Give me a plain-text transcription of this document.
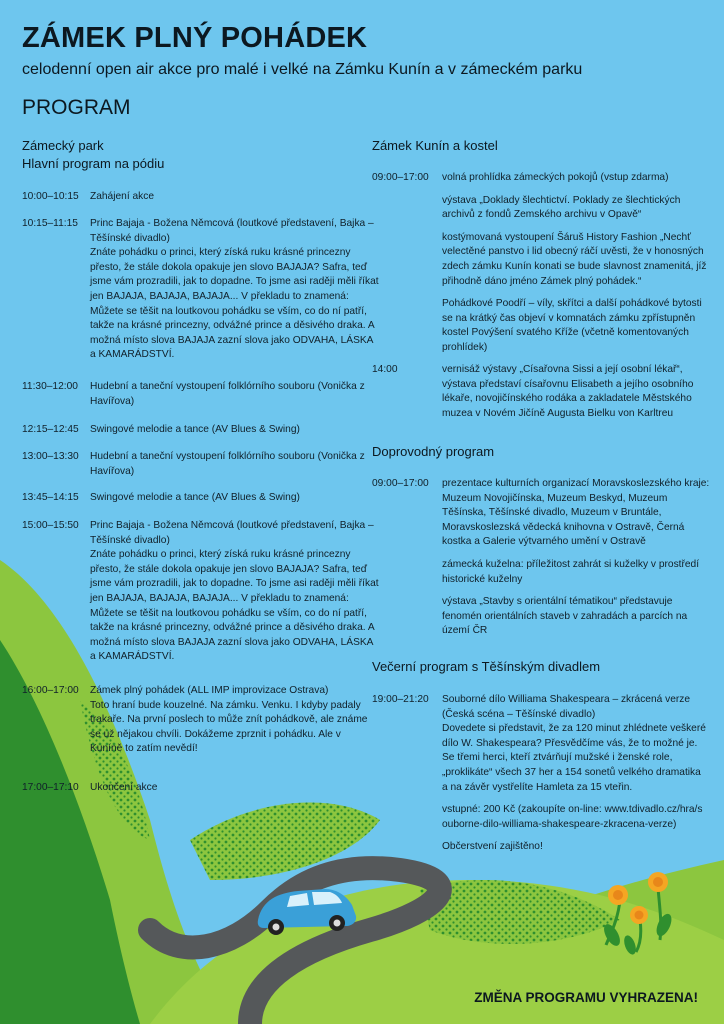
ZÁMEK PLNÝ POHÁDEK
celodenní open air akce pro malé i velké na Zámku Kunín a v zámeckém parku
PROGRAM
Zámecký park
Hlavní program na pódiu
10:00–10:15 Zahájení akce
10:15–11:15 Princ Bajaja - Božena Němcová (loutkové představení, Bajka – Těšínské divadlo)
Znáte pohádku o princi, který získá ruku krásné princezny přesto, že stále dokola opakuje jen slovo BAJAJA? Safra, teď jsme vám prozradili, jak to dopadne. To jsme asi raději měli říkat jen BAJAJA, BAJAJA, BAJAJA... V překladu to znamená: Můžete se těšit na loutkovou pohádku se vším, co do ní patří, takže na krásné princezny, odvážné prince a děsivého draka. A možná místo slova BAJAJA zazní slova jako ODVAHA, LÁSKA a KAMARÁDSTVÍ.
11:30–12:00 Hudební a taneční vystoupení folklórního souboru (Vonička z Havířova)
12:15–12:45 Swingové melodie a tance (AV Blues & Swing)
13:00–13:30 Hudební a taneční vystoupení folklórního souboru (Vonička z Havířova)
13:45–14:15 Swingové melodie a tance (AV Blues & Swing)
15:00–15:50 Princ Bajaja - Božena Němcová (loutkové představení, Bajka – Těšínské divadlo)
Znáte pohádku o princi, který získá ruku krásné princezny přesto, že stále dokola opakuje jen slovo BAJAJA? Safra, teď jsme vám prozradili, jak to dopadne. To jsme asi raději měli říkat jen BAJAJA, BAJAJA, BAJAJA... V překladu to znamená: Můžete se těšit na loutkovou pohádku se vším, co do ní patří, takže na krásné princezny, odvážné prince a děsivého draka. A možná místo slova BAJAJA zazní slova jako ODVAHA, LÁSKA a KAMARÁDSTVÍ.
16:00–17:00 Zámek plný pohádek (ALL IMP improvizace Ostrava)
Toto hraní bude kouzelné. Na zámku. Venku. I kdyby padaly trakaře. Na první poslech to může znít pohádkově, ale známe se už nějakou chvíli. Dokážeme zprznit i pohádku. Ale v Kuníně to zatím nevědí!
17:00–17:10 Ukončení akce
Zámek Kunín a kostel
09:00–17:00 volná prohlídka zámeckých pokojů (vstup zdarma)

výstava „Doklady šlechtictví. Poklady ze šlechtických archivů z fondů Zemského archivu v Opavě“

kostýmovaná vystoupení Šáruš History Fashion „Nechť velectěné panstvo i lid obecný ráčí uvěsti, že v honosných zdech zámku Kunín konati se bude slavnost znamenitá, jíž přihodně dáno jméno Zámek plný pohádek.“

Pohádkové Poodří – víly, skřítci a další pohádkové bytosti se na krátký čas objeví v komnatách zámku zpřístupněn kostel Povýšení svatého Kříže (včetně komentovaných prohlídek)

14:00	vernisáž výstavy „Císařovna Sissi a její osobní lékař“, výstava představí císařovnu Elisabeth a jejího osobního lékaře, novojičínského rodáka a zakladatele Městského muzea v Novém Jičíně Augusta Bielku von Karltreu

Doprovodný program
09:00–17:00 prezentace kulturních organizací Moravskoslezského kraje:
Muzeum Novojičínska, Muzeum Beskyd, Muzeum Těšínska, Těšínské divadlo, Muzeum v Bruntále, Moravskoslezská vědecká knihovna v Ostravě, Černá kostka a Galerie výtvarného umění v Ostravě

zámecká kuželna: příležitost zahrát si kuželky v prostředí historické kuželny

výstava „Stavby s orientální tématikou“ představuje fenomén orientálních staveb v zahradách a parcích na území ČR

Večerní program s Těšínským divadlem
19:00–21:20 Souborné dílo Williama Shakespeara – zkrácená verze (Česká scéna – Těšínské divadlo)
Dovedete si představit, že za 120 minut zhlédnete veškeré dílo W. Shakespeara? Přesvědčíme vás, že to možné je. Se třemi herci, kteří ztvárňují mužské i ženské role, „proklikáte“ všech 37 her a 154 sonetů velkého dramatika a na závěr vystřelíte Hamleta za 15 vteřin.

vstupné: 200 Kč (zakoupíte on-line: www.tdivadlo.cz/hra/souborne-dilo-williama-shakespeare-zkracena-verze)

Občerstvení zajištěno!

ZMĚNA PROGRAMU VYHRAZENA!
